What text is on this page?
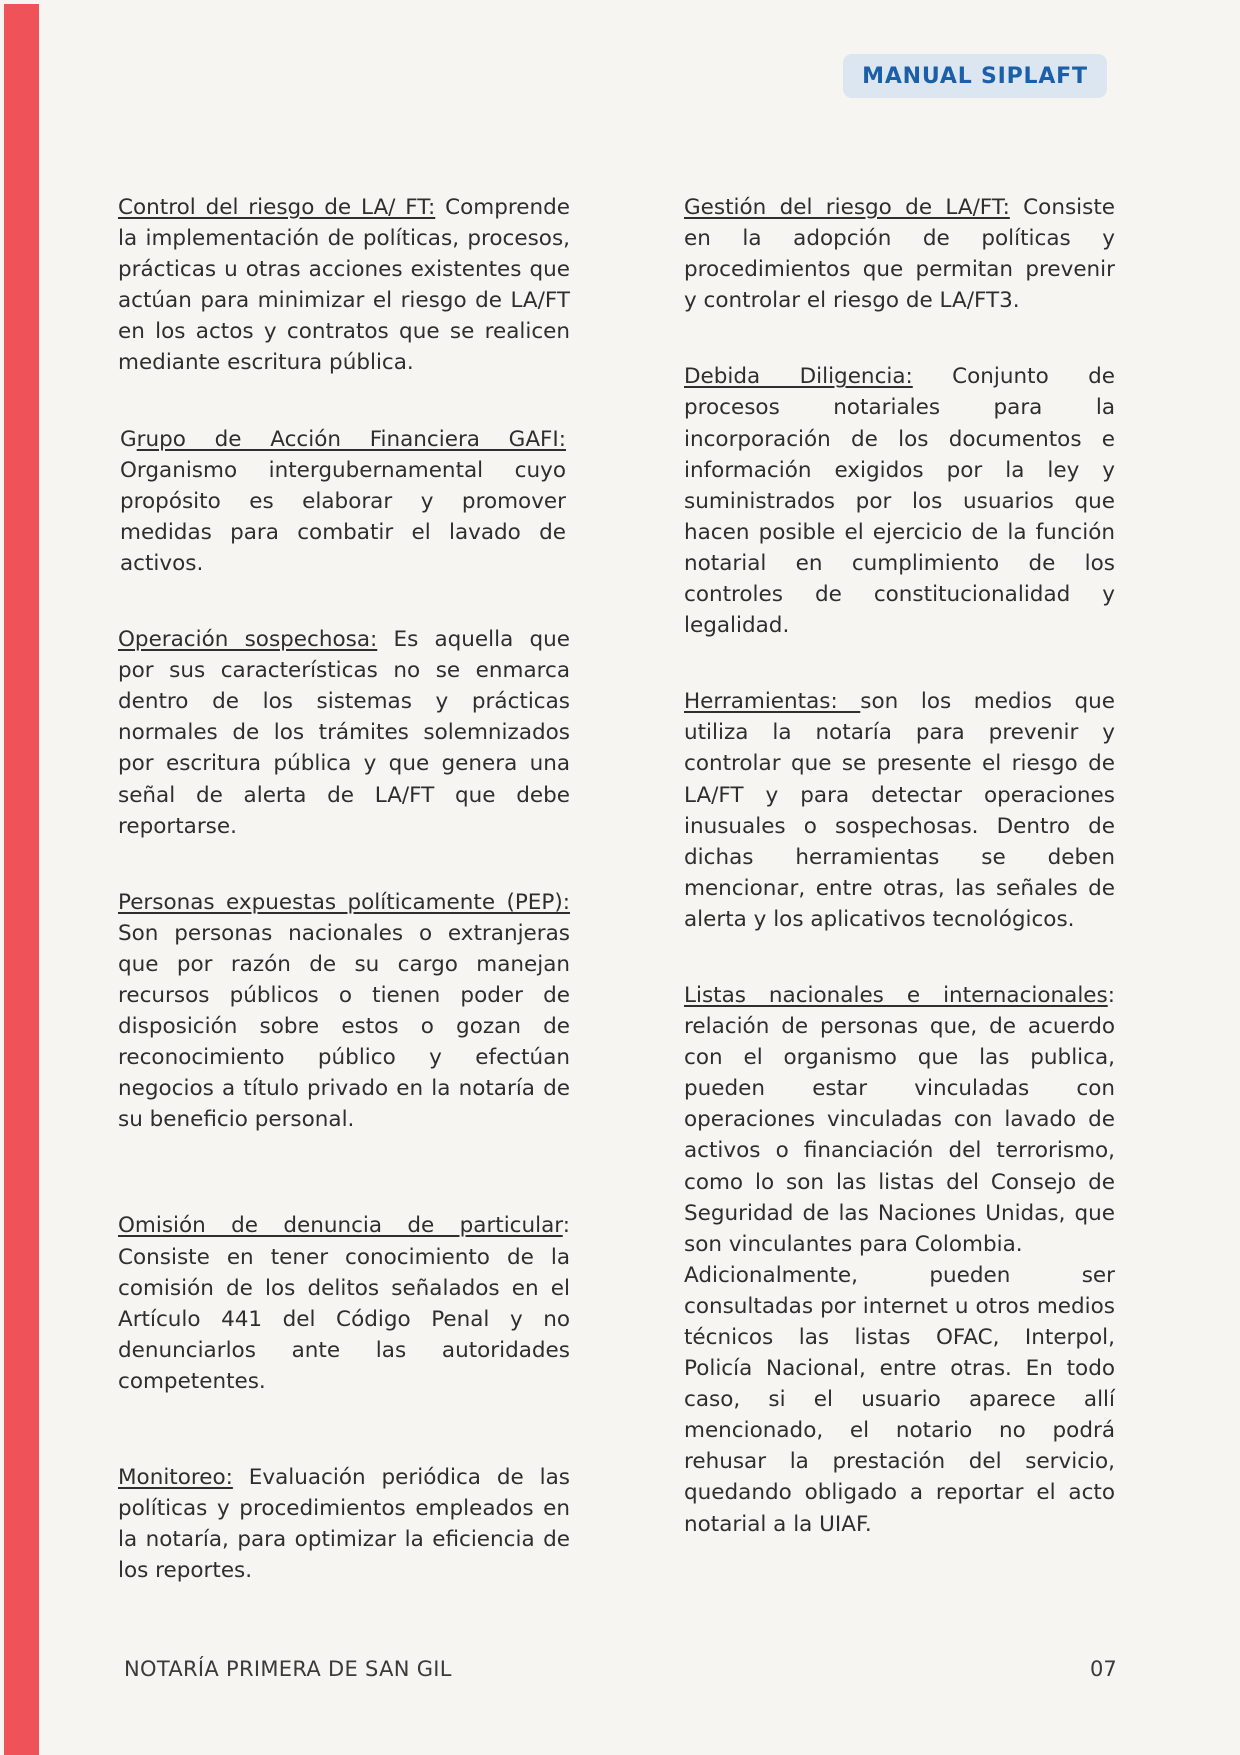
MANUAL SIPLAFT

Control del riesgo de LA/ FT: Comprende la implementación de políticas, procesos, prácticas u otras acciones existentes que actúan para minimizar el riesgo de LA/FT en los actos y contratos que se realicen mediante escritura pública.

Grupo de Acción Financiera GAFI: Organismo intergubernamental cuyo propósito es elaborar y promover medidas para combatir el lavado de activos.

Operación sospechosa: Es aquella que por sus características no se enmarca dentro de los sistemas y prácticas normales de los trámites solemnizados por escritura pública y que genera una señal de alerta de LA/FT que debe reportarse.

Personas expuestas políticamente (PEP): Son personas nacionales o extranjeras que por razón de su cargo manejan recursos públicos o tienen poder de disposición sobre estos o gozan de reconocimiento público y efectúan negocios a título privado en la notaría de su beneficio personal.

Omisión de denuncia de particular: Consiste en tener conocimiento de la comisión de los delitos señalados en el Artículo 441 del Código Penal y no denunciarlos ante las autoridades competentes.

Monitoreo: Evaluación periódica de las políticas y procedimientos empleados en la notaría, para optimizar la eficiencia de los reportes.

Gestión del riesgo de LA/FT: Consiste en la adopción de políticas y procedimientos que permitan prevenir y controlar el riesgo de LA/FT3.

Debida Diligencia: Conjunto de procesos notariales para la incorporación de los documentos e información exigidos por la ley y suministrados por los usuarios que hacen posible el ejercicio de la función notarial en cumplimiento de los controles de constitucionalidad y legalidad.

Herramientas: son los medios que utiliza la notaría para prevenir y controlar que se presente el riesgo de LA/FT y para detectar operaciones inusuales o sospechosas. Dentro de dichas herramientas se deben mencionar, entre otras, las señales de alerta y los aplicativos tecnológicos.

Listas nacionales e internacionales: relación de personas que, de acuerdo con el organismo que las publica, pueden estar vinculadas con operaciones vinculadas con lavado de activos o financiación del terrorismo, como lo son las listas del Consejo de Seguridad de las Naciones Unidas, que son vinculantes para Colombia.

Adicionalmente, pueden ser consultadas por internet u otros medios técnicos las listas OFAC, Interpol, Policía Nacional, entre otras. En todo caso, si el usuario aparece allí mencionado, el notario no podrá rehusar la prestación del servicio, quedando obligado a reportar el acto notarial a la UIAF.

NOTARÍA PRIMERA DE SAN GIL	07
